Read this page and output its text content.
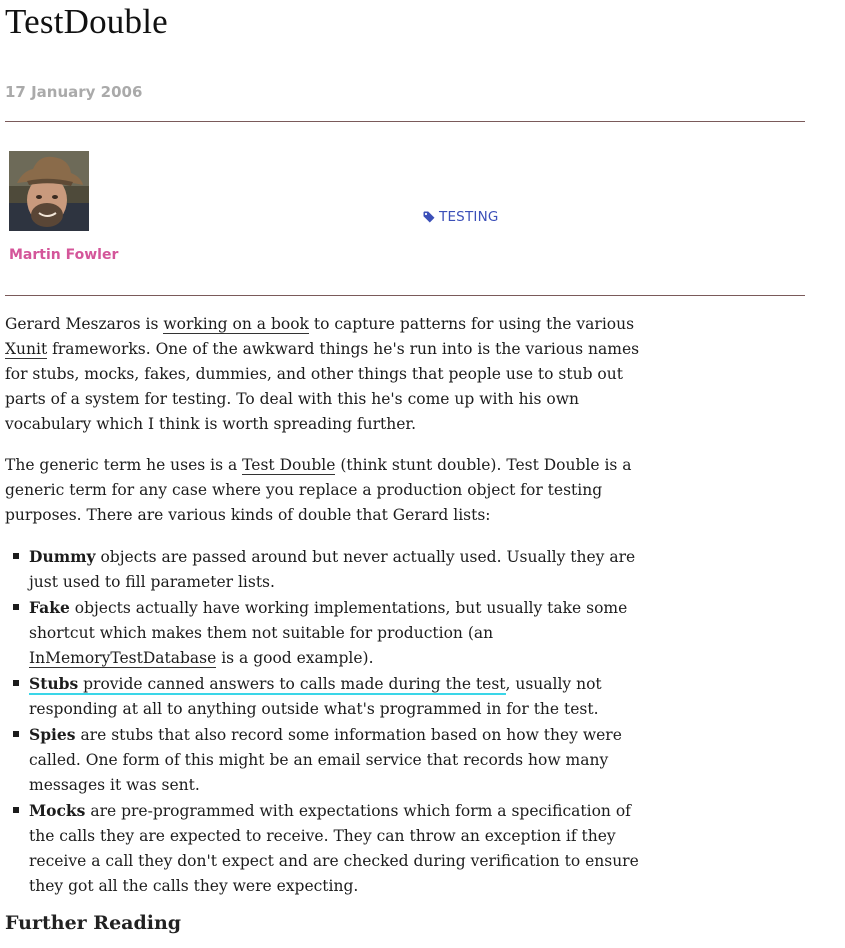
TestDouble
17 January 2006
Martin Fowler
TESTING

Gerard Meszaros is working on a book to capture patterns for using the various Xunit frameworks. One of the awkward things he's run into is the various names for stubs, mocks, fakes, dummies, and other things that people use to stub out parts of a system for testing. To deal with this he's come up with his own vocabulary which I think is worth spreading further.

The generic term he uses is a Test Double (think stunt double). Test Double is a generic term for any case where you replace a production object for testing purposes. There are various kinds of double that Gerard lists:

Dummy objects are passed around but never actually used. Usually they are just used to fill parameter lists.
Fake objects actually have working implementations, but usually take some shortcut which makes them not suitable for production (an InMemoryTestDatabase is a good example).
Stubs provide canned answers to calls made during the test, usually not responding at all to anything outside what's programmed in for the test.
Spies are stubs that also record some information based on how they were called. One form of this might be an email service that records how many messages it was sent.
Mocks are pre-programmed with expectations which form a specification of the calls they are expected to receive. They can throw an exception if they receive a call they don't expect and are checked during verification to ensure they got all the calls they were expecting.
Further Reading
